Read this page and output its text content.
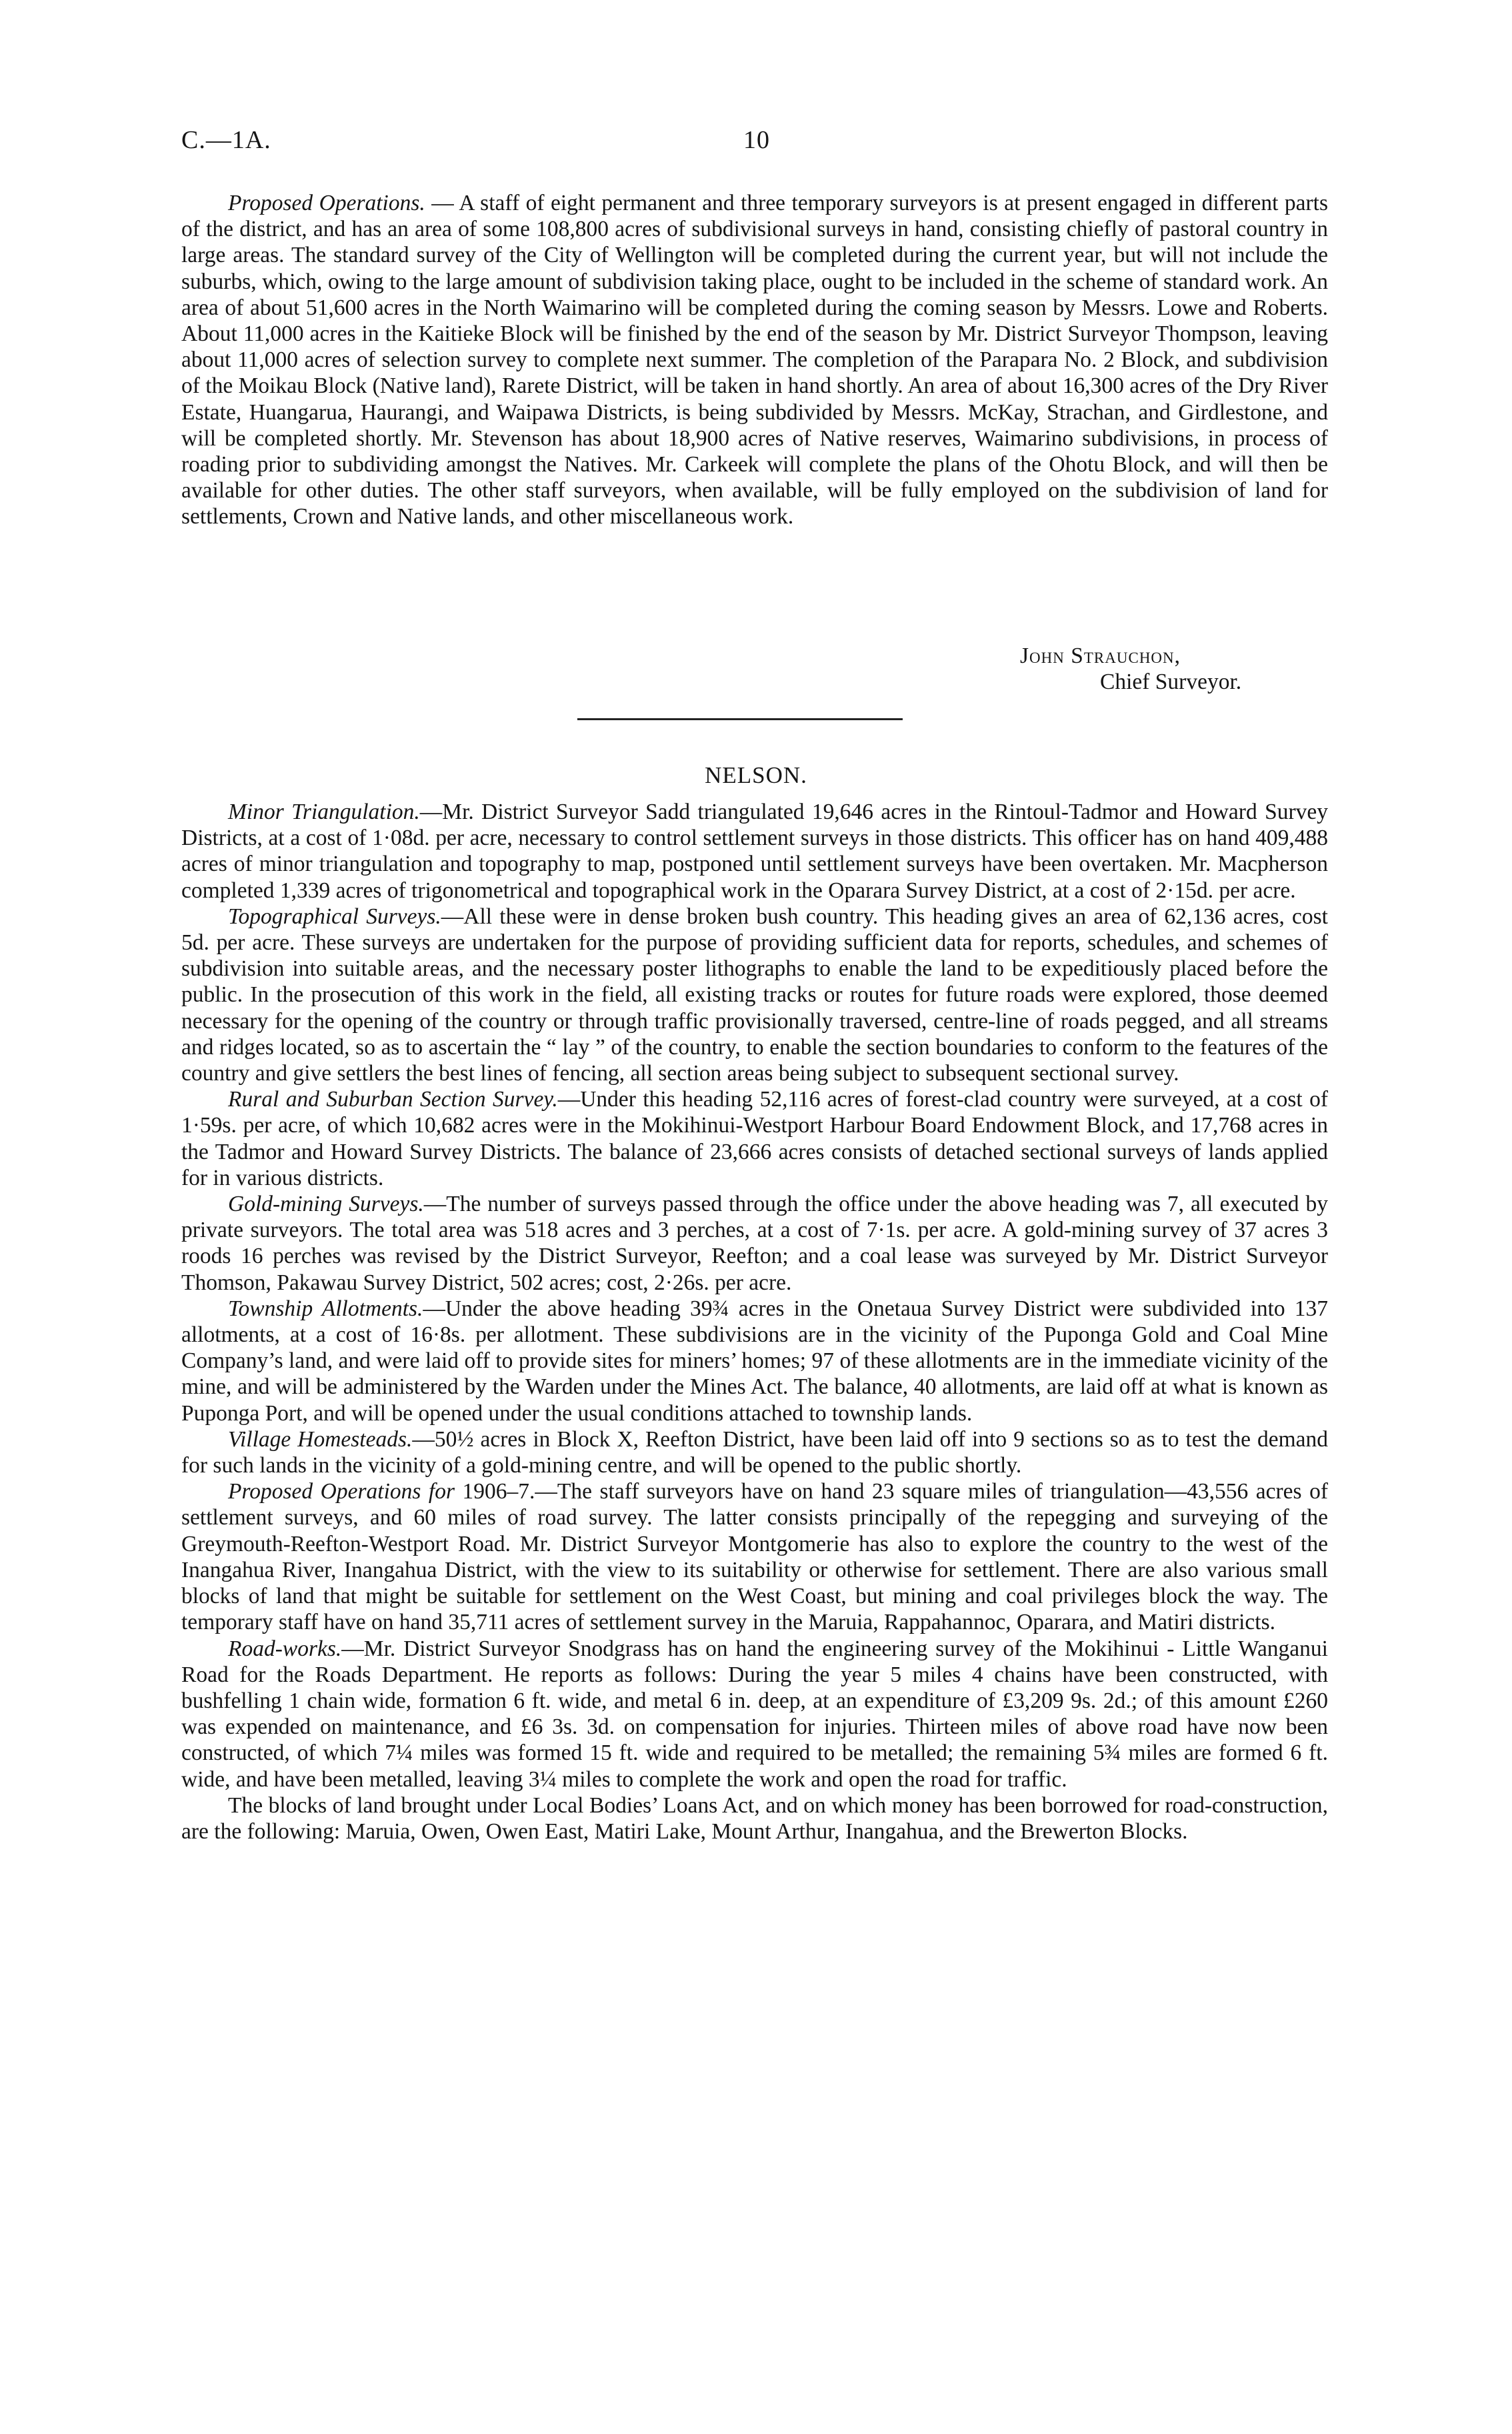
C.—1A.	10

Proposed Operations. — A staff of eight permanent and three temporary surveyors is at present engaged in different parts of the district, and has an area of some 108,800 acres of subdivisional surveys in hand, consisting chiefly of pastoral country in large areas. The standard survey of the City of Wellington will be completed during the current year, but will not include the suburbs, which, owing to the large amount of subdivision taking place, ought to be included in the scheme of standard work. An area of about 51,600 acres in the North Waimarino will be completed during the coming season by Messrs. Lowe and Roberts. About 11,000 acres in the Kaitieke Block will be finished by the end of the season by Mr. District Surveyor Thompson, leaving about 11,000 acres of selection survey to complete next summer. The completion of the Parapara No. 2 Block, and subdivision of the Moikau Block (Native land), Rarete District, will be taken in hand shortly. An area of about 16,300 acres of the Dry River Estate, Huangarua, Haurangi, and Waipawa Districts, is being subdivided by Messrs. McKay, Strachan, and Girdlestone, and will be completed shortly. Mr. Stevenson has about 18,900 acres of Native reserves, Waimarino subdivisions, in process of roading prior to subdividing amongst the Natives. Mr. Carkeek will complete the plans of the Ohotu Block, and will then be available for other duties. The other staff surveyors, when available, will be fully employed on the subdivision of land for settlements, Crown and Native lands, and other miscellaneous work.

John Strauchon,
Chief Surveyor.
NELSON.

Minor Triangulation.—Mr. District Surveyor Sadd triangulated 19,646 acres in the Rintoul-Tadmor and Howard Survey Districts, at a cost of 1·08d. per acre, necessary to control settlement surveys in those districts. This officer has on hand 409,488 acres of minor triangulation and topography to map, postponed until settlement surveys have been overtaken. Mr. Macpherson completed 1,339 acres of trigonometrical and topographical work in the Oparara Survey District, at a cost of 2·15d. per acre.

Topographical Surveys.—All these were in dense broken bush country. This heading gives an area of 62,136 acres, cost 5d. per acre. These surveys are undertaken for the purpose of providing sufficient data for reports, schedules, and schemes of subdivision into suitable areas, and the necessary poster lithographs to enable the land to be expeditiously placed before the public. In the prosecution of this work in the field, all existing tracks or routes for future roads were explored, those deemed necessary for the opening of the country or through traffic provisionally traversed, centre-line of roads pegged, and all streams and ridges located, so as to ascertain the “ lay ” of the country, to enable the section boundaries to conform to the features of the country and give settlers the best lines of fencing, all section areas being subject to subsequent sectional survey.

Rural and Suburban Section Survey.—Under this heading 52,116 acres of forest-clad country were surveyed, at a cost of 1·59s. per acre, of which 10,682 acres were in the Mokihinui-Westport Harbour Board Endowment Block, and 17,768 acres in the Tadmor and Howard Survey Districts. The balance of 23,666 acres consists of detached sectional surveys of lands applied for in various districts.

Gold-mining Surveys.—The number of surveys passed through the office under the above heading was 7, all executed by private surveyors. The total area was 518 acres and 3 perches, at a cost of 7·1s. per acre. A gold-mining survey of 37 acres 3 roods 16 perches was revised by the District Surveyor, Reefton; and a coal lease was surveyed by Mr. District Surveyor Thomson, Pakawau Survey District, 502 acres; cost, 2·26s. per acre.

Township Allotments.—Under the above heading 39¾ acres in the Onetaua Survey District were subdivided into 137 allotments, at a cost of 16·8s. per allotment. These subdivisions are in the vicinity of the Puponga Gold and Coal Mine Company’s land, and were laid off to provide sites for miners’ homes; 97 of these allotments are in the immediate vicinity of the mine, and will be administered by the Warden under the Mines Act. The balance, 40 allotments, are laid off at what is known as Puponga Port, and will be opened under the usual conditions attached to township lands.

Village Homesteads.—50½ acres in Block X, Reefton District, have been laid off into 9 sections so as to test the demand for such lands in the vicinity of a gold-mining centre, and will be opened to the public shortly.

Proposed Operations for 1906–7.—The staff surveyors have on hand 23 square miles of triangulation—43,556 acres of settlement surveys, and 60 miles of road survey. The latter consists principally of the repegging and surveying of the Greymouth-Reefton-Westport Road. Mr. District Surveyor Montgomerie has also to explore the country to the west of the Inangahua River, Inangahua District, with the view to its suitability or otherwise for settlement. There are also various small blocks of land that might be suitable for settlement on the West Coast, but mining and coal privileges block the way. The temporary staff have on hand 35,711 acres of settlement survey in the Maruia, Rappahannoc, Oparara, and Matiri districts.

Road-works.—Mr. District Surveyor Snodgrass has on hand the engineering survey of the Mokihinui - Little Wanganui Road for the Roads Department. He reports as follows: During the year 5 miles 4 chains have been constructed, with bushfelling 1 chain wide, formation 6 ft. wide, and metal 6 in. deep, at an expenditure of £3,209 9s. 2d.; of this amount £260 was expended on maintenance, and £6 3s. 3d. on compensation for injuries. Thirteen miles of above road have now been constructed, of which 7¼ miles was formed 15 ft. wide and required to be metalled; the remaining 5¾ miles are formed 6 ft. wide, and have been metalled, leaving 3¼ miles to complete the work and open the road for traffic.

The blocks of land brought under Local Bodies’ Loans Act, and on which money has been borrowed for road-construction, are the following: Maruia, Owen, Owen East, Matiri Lake, Mount Arthur, Inangahua, and the Brewerton Blocks.
